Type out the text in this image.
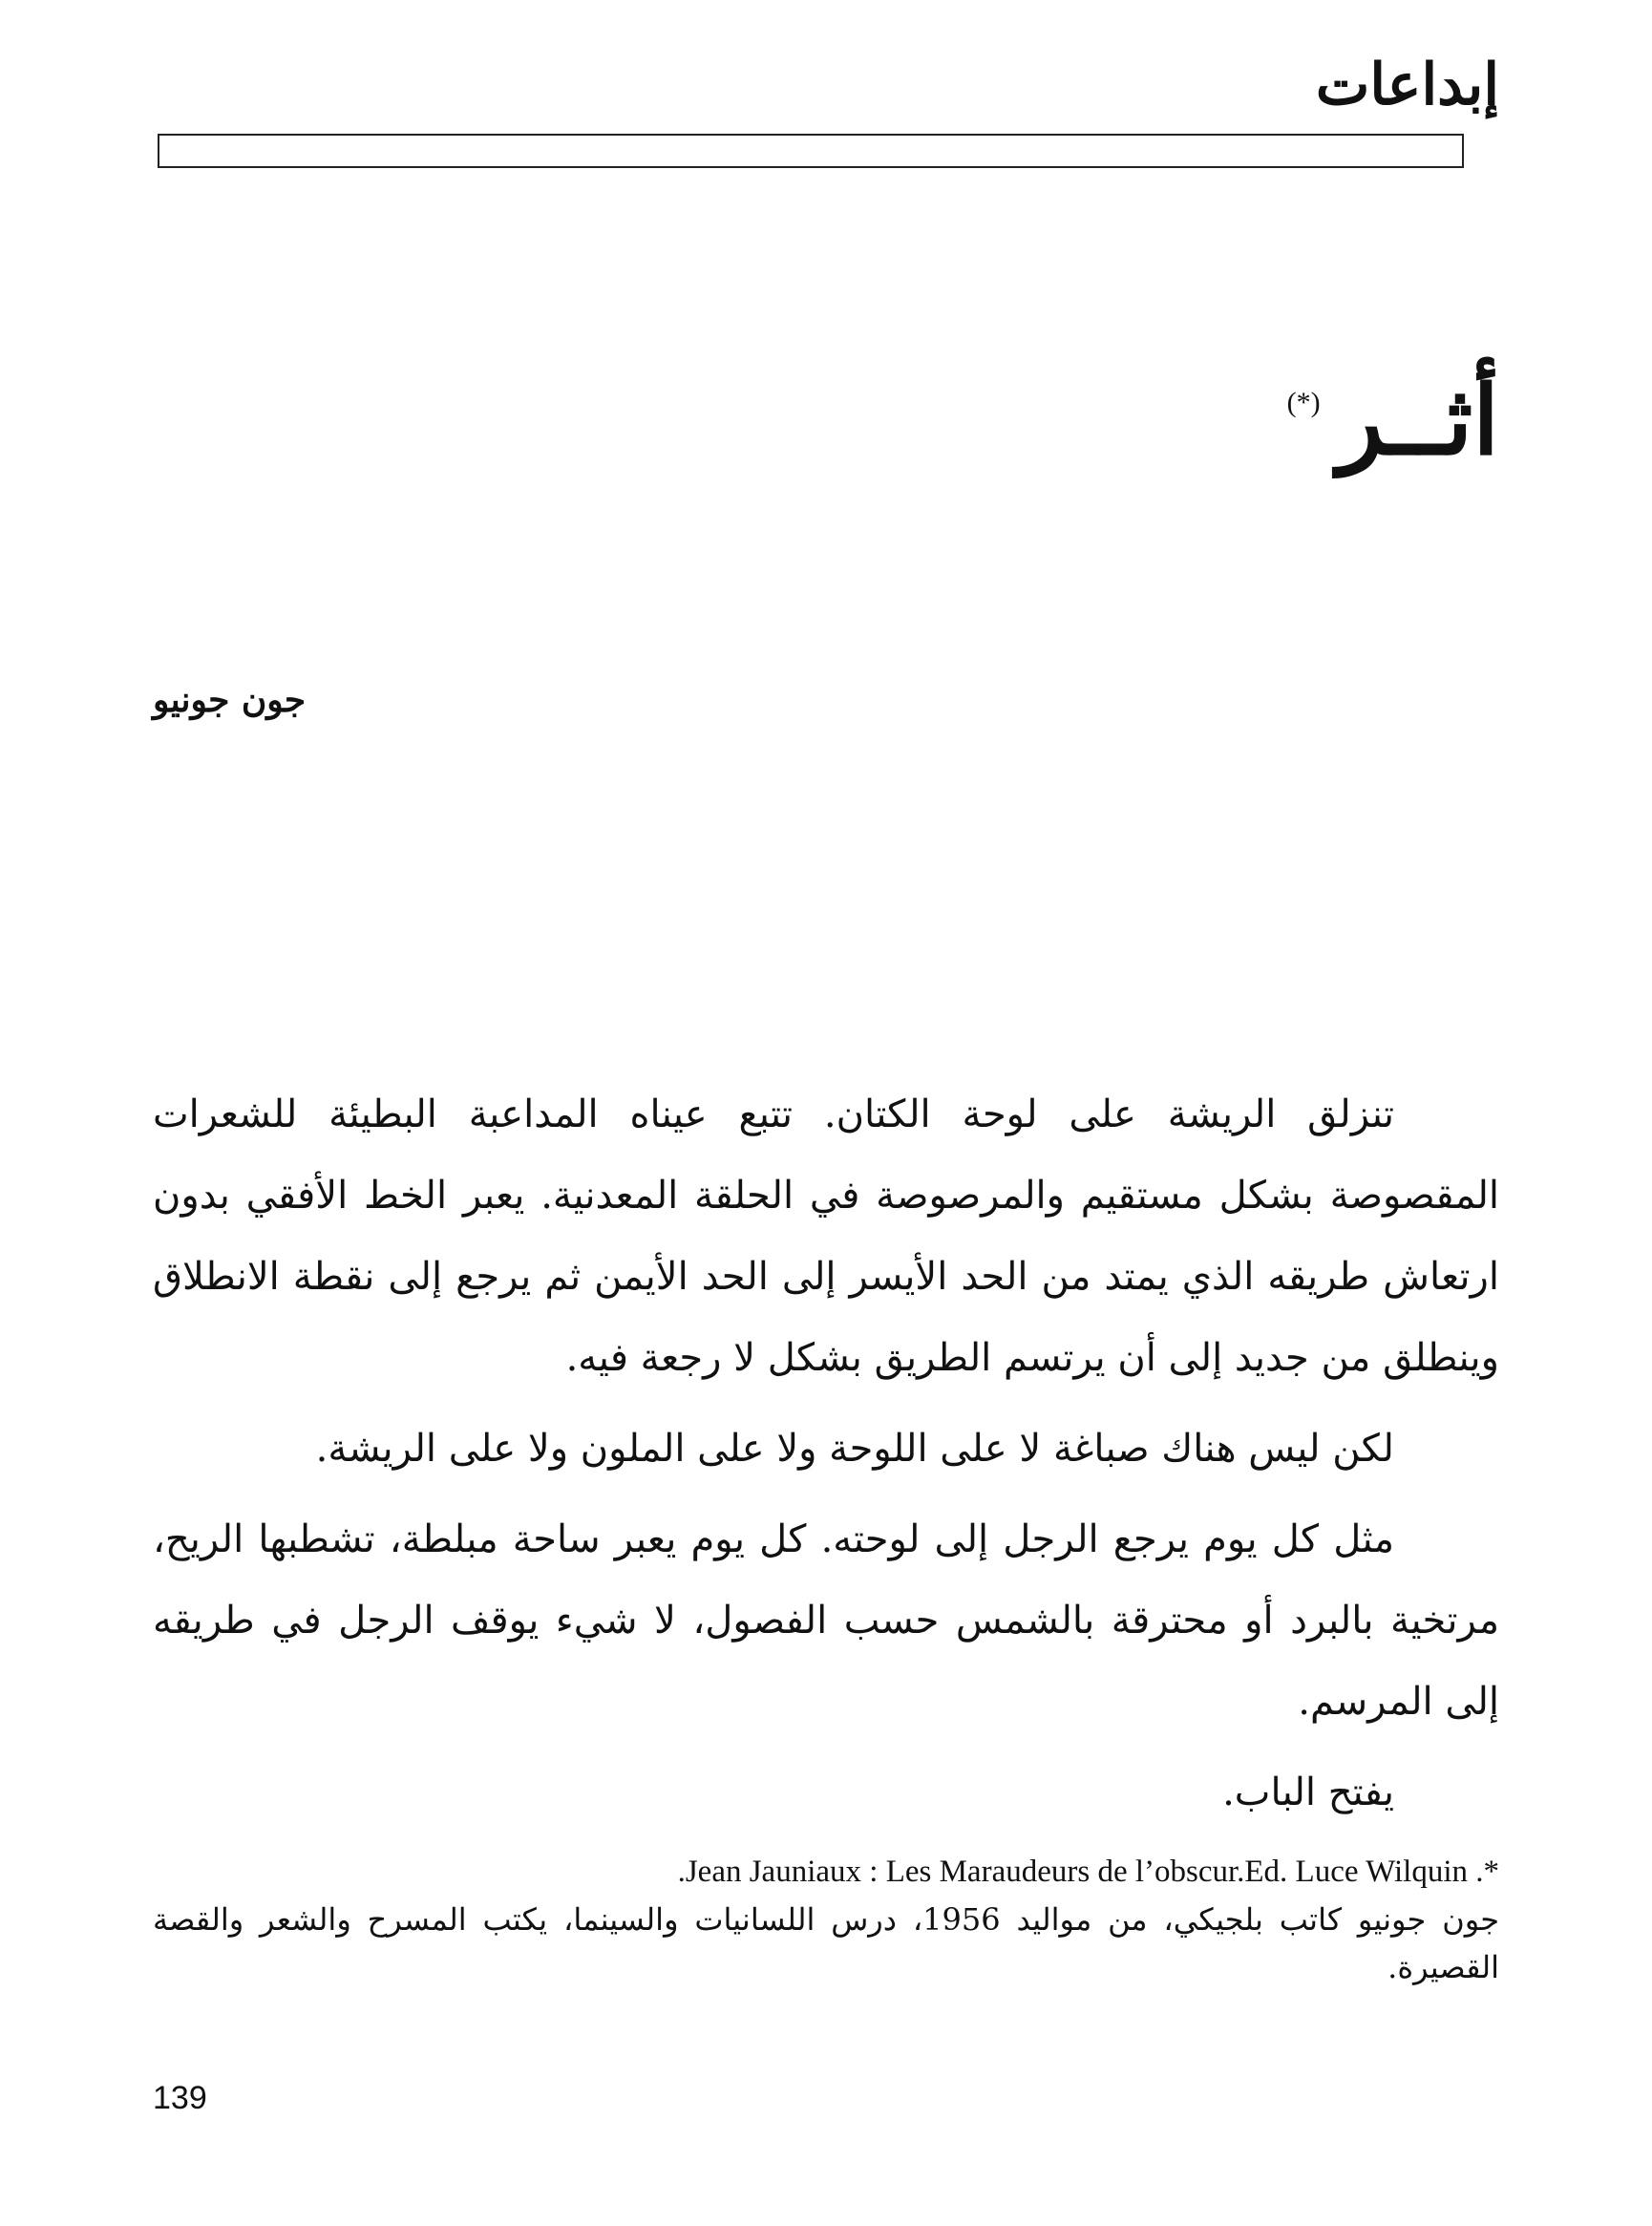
إبداعات
أثــر
(*)
جون جونيو

تنزلق الريشة على لوحة الكتان. تتبع عيناه المداعبة البطيئة للشعرات المقصوصة بشكل مستقيم والمرصوصة في الحلقة المعدنية. يعبر الخط الأفقي بدون ارتعاش طريقه الذي يمتد من الحد الأيسر إلى الحد الأيمن ثم يرجع إلى نقطة الانطلاق وينطلق من جديد إلى أن يرتسم الطريق بشكل لا رجعة فيه.

لكن ليس هناك صباغة لا على اللوحة ولا على الملون ولا على الريشة.

مثل كل يوم يرجع الرجل إلى لوحته. كل يوم يعبر ساحة مبلطة، تشطبها الريح، مرتخية بالبرد أو محترقة بالشمس حسب الفصول، لا شيء يوقف الرجل في طريقه إلى المرسم.

يفتح الباب.

*. Jean Jauniaux : Les Maraudeurs de l’obscur.Ed. Luce Wilquin.
جون جونيو كاتب بلجيكي، من مواليد 1956، درس اللسانيات والسينما، يكتب المسرح والشعر والقصة القصيرة.
139
